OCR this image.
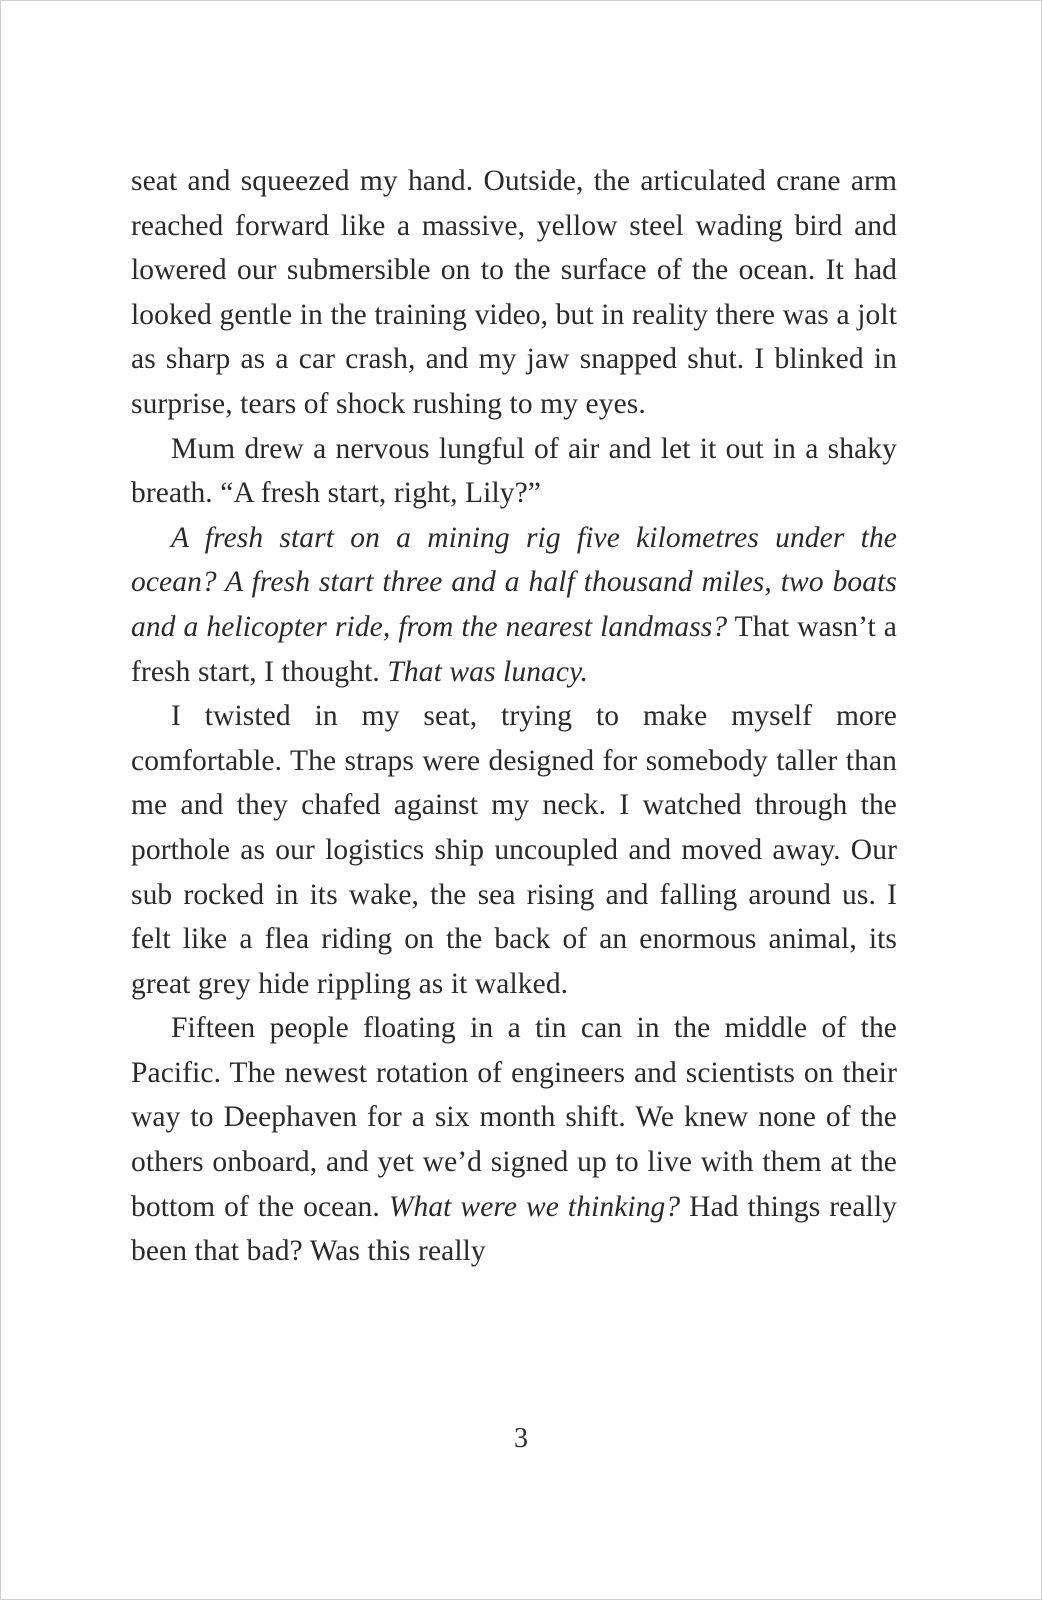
seat and squeezed my hand. Outside, the articulated crane arm reached forward like a massive, yellow steel wading bird and lowered our submersible on to the surface of the ocean. It had looked gentle in the training video, but in reality there was a jolt as sharp as a car crash, and my jaw snapped shut. I blinked in surprise, tears of shock rushing to my eyes.

Mum drew a nervous lungful of air and let it out in a shaky breath. “A fresh start, right, Lily?”

A fresh start on a mining rig five kilometres under the ocean? A fresh start three and a half thousand miles, two boats and a helicopter ride, from the nearest landmass? That wasn’t a fresh start, I thought. That was lunacy.

I twisted in my seat, trying to make myself more comfortable. The straps were designed for somebody taller than me and they chafed against my neck. I watched through the porthole as our logistics ship uncoupled and moved away. Our sub rocked in its wake, the sea rising and falling around us. I felt like a flea riding on the back of an enormous animal, its great grey hide rippling as it walked.

Fifteen people floating in a tin can in the middle of the Pacific. The newest rotation of engineers and scientists on their way to Deephaven for a six month shift. We knew none of the others onboard, and yet we’d signed up to live with them at the bottom of the ocean. What were we thinking? Had things really been that bad? Was this really

3
